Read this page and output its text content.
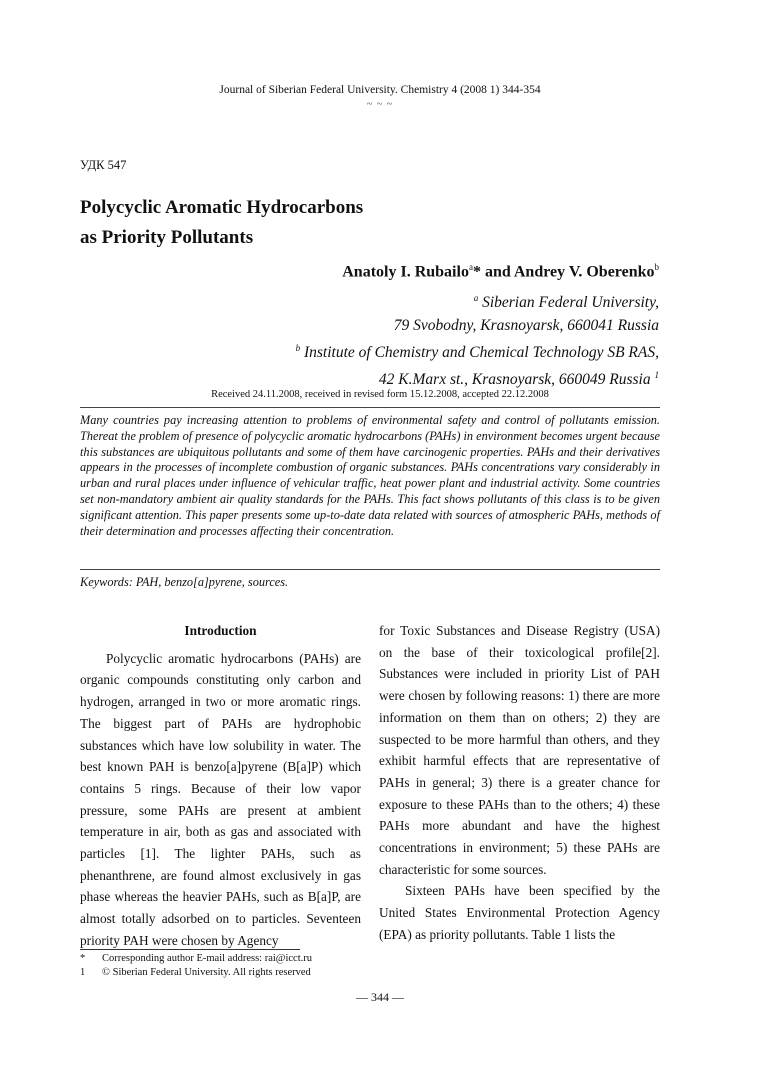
Journal of Siberian Federal University. Chemistry 4 (2008 1) 344-354
~ ~ ~
УДК 547
Polycyclic Aromatic Hydrocarbons
as Priority Pollutants
Anatoly I. Rubailo$^a$* and Andrey V. Oberenko$^b$
$^a$ Siberian Federal University,
79 Svobodny, Krasnoyarsk, 660041 Russia
$^b$ Institute of Chemistry and Chemical Technology SB RAS,
42 K.Marx st., Krasnoyarsk, 660049 Russia $^1$
Received 24.11.2008, received in revised form 15.12.2008, accepted 22.12.2008
Many countries pay increasing attention to problems of environmental safety and control of pollutants emission. Thereat the problem of presence of polycyclic aromatic hydrocarbons (PAHs) in environment becomes urgent because this substances are ubiquitous pollutants and some of them have carcinogenic properties. PAHs and their derivatives appears in the processes of incomplete combustion of organic substances. PAHs concentrations vary considerably in urban and rural places under influence of vehicular traffic, heat power plant and industrial activity. Some countries set non-mandatory ambient air quality standards for the PAHs. This fact shows pollutants of this class is to be given significant attention. This paper presents some up-to-date data related with sources of atmospheric PAHs, methods of their determination and processes affecting their concentration.
Keywords: PAH, benzo[a]pyrene, sources.

Introduction

Polycyclic aromatic hydrocarbons (PAHs) are organic compounds constituting only carbon and hydrogen, arranged in two or more aromatic rings. The biggest part of PAHs are hydrophobic substances which have low solubility in water. The best known PAH is benzo[a]pyrene (B[a]P) which contains 5 rings. Because of their low vapor pressure, some PAHs are present at ambient temperature in air, both as gas and associated with particles [1]. The lighter PAHs, such as phenanthrene, are found almost exclusively in gas phase whereas the heavier PAHs, such as B[a]P, are almost totally adsorbed on to particles. Seventeen priority PAH were chosen by Agency

for Toxic Substances and Disease Registry (USA) on the base of their toxicological profile[2]. Substances were included in priority List of PAH were chosen by following reasons: 1) there are more information on them than on others; 2) they are suspected to be more harmful than others, and they exhibit harmful effects that are representative of PAHs in general; 3) there is a greater chance for exposure to these PAHs than to the others; 4) these PAHs more abundant and have the highest concentrations in environment; 5) these PAHs are characteristic for some sources.

Sixteen PAHs have been specified by the United States Environmental Protection Agency (EPA) as priority pollutants. Table 1 lists the

* Corresponding author E-mail address: rai@icct.ru
1 © Siberian Federal University. All rights reserved
— 344 —
